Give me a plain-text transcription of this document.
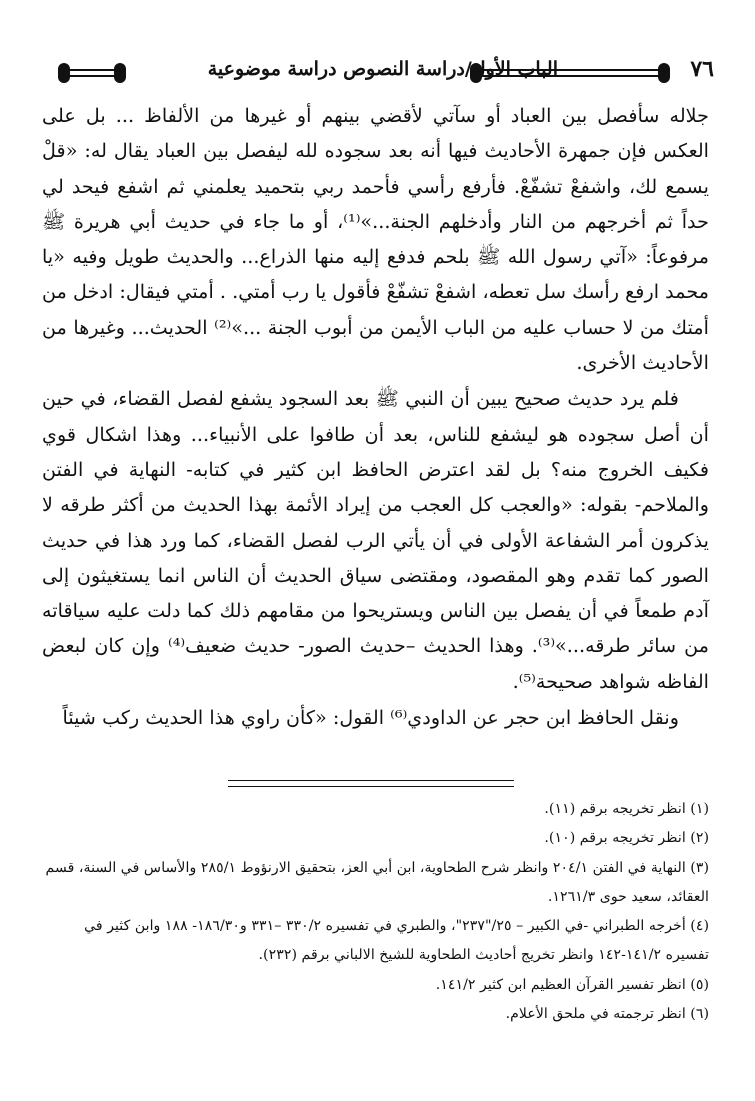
٧٦
الباب الأول/دراسة النصوص دراسة موضوعية

جلاله سأفصل بين العباد أو سآتي لأقضي بينهم أو غيرها من الألفاظ ... بل على العكس فإن جمهرة الأحاديث فيها أنه بعد سجوده لله ليفصل بين العباد يقال له: «قلْ يسمع لك، واشفعْ تشفّعْ. فأرفع رأسي فأحمد ربي بتحميد يعلمني ثم اشفع فيحد لي حداً ثم أخرجهم من النار وأدخلهم الجنة...»⁽¹⁾، أو ما جاء في حديث أبي هريرة ﷺ مرفوعاً: «آتي رسول الله ﷺ بلحم فدفع إليه منها الذراع... والحديث طويل وفيه «يا محمد ارفع رأسك سل تعطه، اشفعْ تشفّعْ فأقول يا رب أمتي. . أمتي فيقال: ادخل من أمتك من لا حساب عليه من الباب الأيمن من أبوب الجنة ...»⁽²⁾ الحديث... وغيرها من الأحاديث الأخرى.

فلم يرد حديث صحيح يبين أن النبي ﷺ بعد السجود يشفع لفصل القضاء، في حين أن أصل سجوده هو ليشفع للناس، بعد أن طافوا على الأنبياء... وهذا اشكال قوي فكيف الخروج منه؟ بل لقد اعترض الحافظ ابن كثير في كتابه- النهاية في الفتن والملاحم- بقوله: «والعجب كل العجب من إيراد الأئمة بهذا الحديث من أكثر طرقه لا يذكرون أمر الشفاعة الأولى في أن يأتي الرب لفصل القضاء، كما ورد هذا في حديث الصور كما تقدم وهو المقصود، ومقتضى سياق الحديث أن الناس انما يستغيثون إلى آدم طمعاً في أن يفصل بين الناس ويستريحوا من مقامهم ذلك كما دلت عليه سياقاته من سائر طرقه...»⁽³⁾. وهذا الحديث –حديث الصور- حديث ضعيف⁽⁴⁾ وإن كان لبعض الفاظه شواهد صحيحة⁽⁵⁾.

ونقل الحافظ ابن حجر عن الداودي⁽⁶⁾ القول: «كأن راوي هذا الحديث ركب شيئاً

(١) انظر تخريجه برقم (١١).

(٢) انظر تخريجه برقم (١٠).

(٣) النهاية في الفتن ٢٠٤/١ وانظر شرح الطحاوية، ابن أبي العز، بتحقيق الارنؤوط ٢٨٥/١ والأساس في السنة، قسم العقائد، سعيد حوى ١٢٦١/٣.

(٤) أخرجه الطبراني -في الكبير – ٢٥/"٢٣٧"، والطبري في تفسيره ٣٣٠/٢ –٣٣١ و١٨٦/٣٠- ١٨٨ وابن كثير في تفسيره ١٤١/٢-١٤٢ وانظر تخريج أحاديث الطحاوية للشيخ الالباني برقم (٢٣٢).

(٥) انظر تفسير القرآن العظيم ابن كثير ١٤١/٢.

(٦) انظر ترجمته في ملحق الأعلام.
